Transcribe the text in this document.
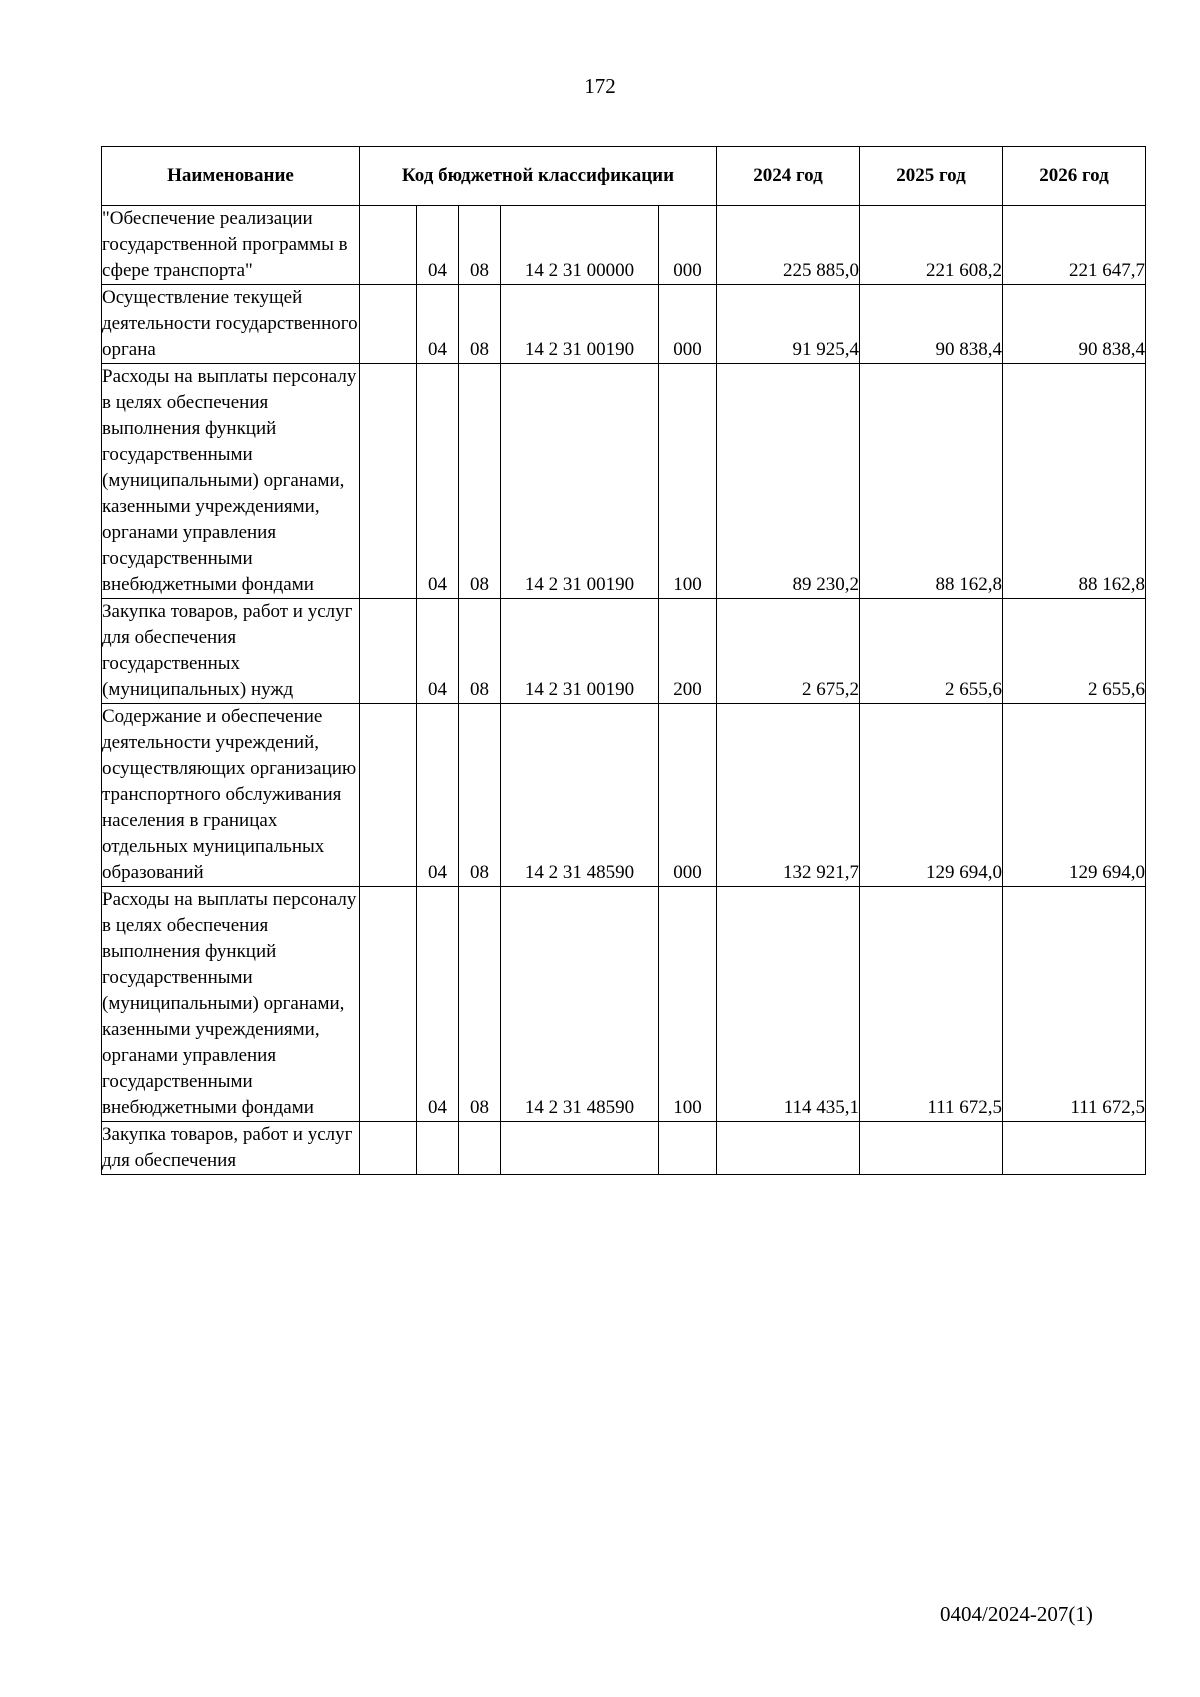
172
Наименование	Код бюджетной классификации					2024 год	2025 год	2026 год
"Обеспечение реализации государственной программы в сфере транспорта"		04	08	14 2 31 00000	000	225 885,0	221 608,2	221 647,7
Осуществление текущей деятельности государственного органа		04	08	14 2 31 00190	000	91 925,4	90 838,4	90 838,4
Расходы на выплаты персоналу в целях обеспечения выполнения функций государственными (муниципальными) органами, казенными учреждениями, органами управления государственными внебюджетными фондами		04	08	14 2 31 00190	100	89 230,2	88 162,8	88 162,8
Закупка товаров, работ и услуг для обеспечения государственных (муниципальных) нужд		04	08	14 2 31 00190	200	2 675,2	2 655,6	2 655,6
Содержание и обеспечение деятельности учреждений, осуществляющих организацию транспортного обслуживания населения в границах отдельных муниципальных образований		04	08	14 2 31 48590	000	132 921,7	129 694,0	129 694,0
Расходы на выплаты персоналу в целях обеспечения выполнения функций государственными (муниципальными) органами, казенными учреждениями, органами управления государственными внебюджетными фондами		04	08	14 2 31 48590	100	114 435,1	111 672,5	111 672,5
Закупка товаров, работ и услуг для обеспечения								
0404/2024-207(1)
